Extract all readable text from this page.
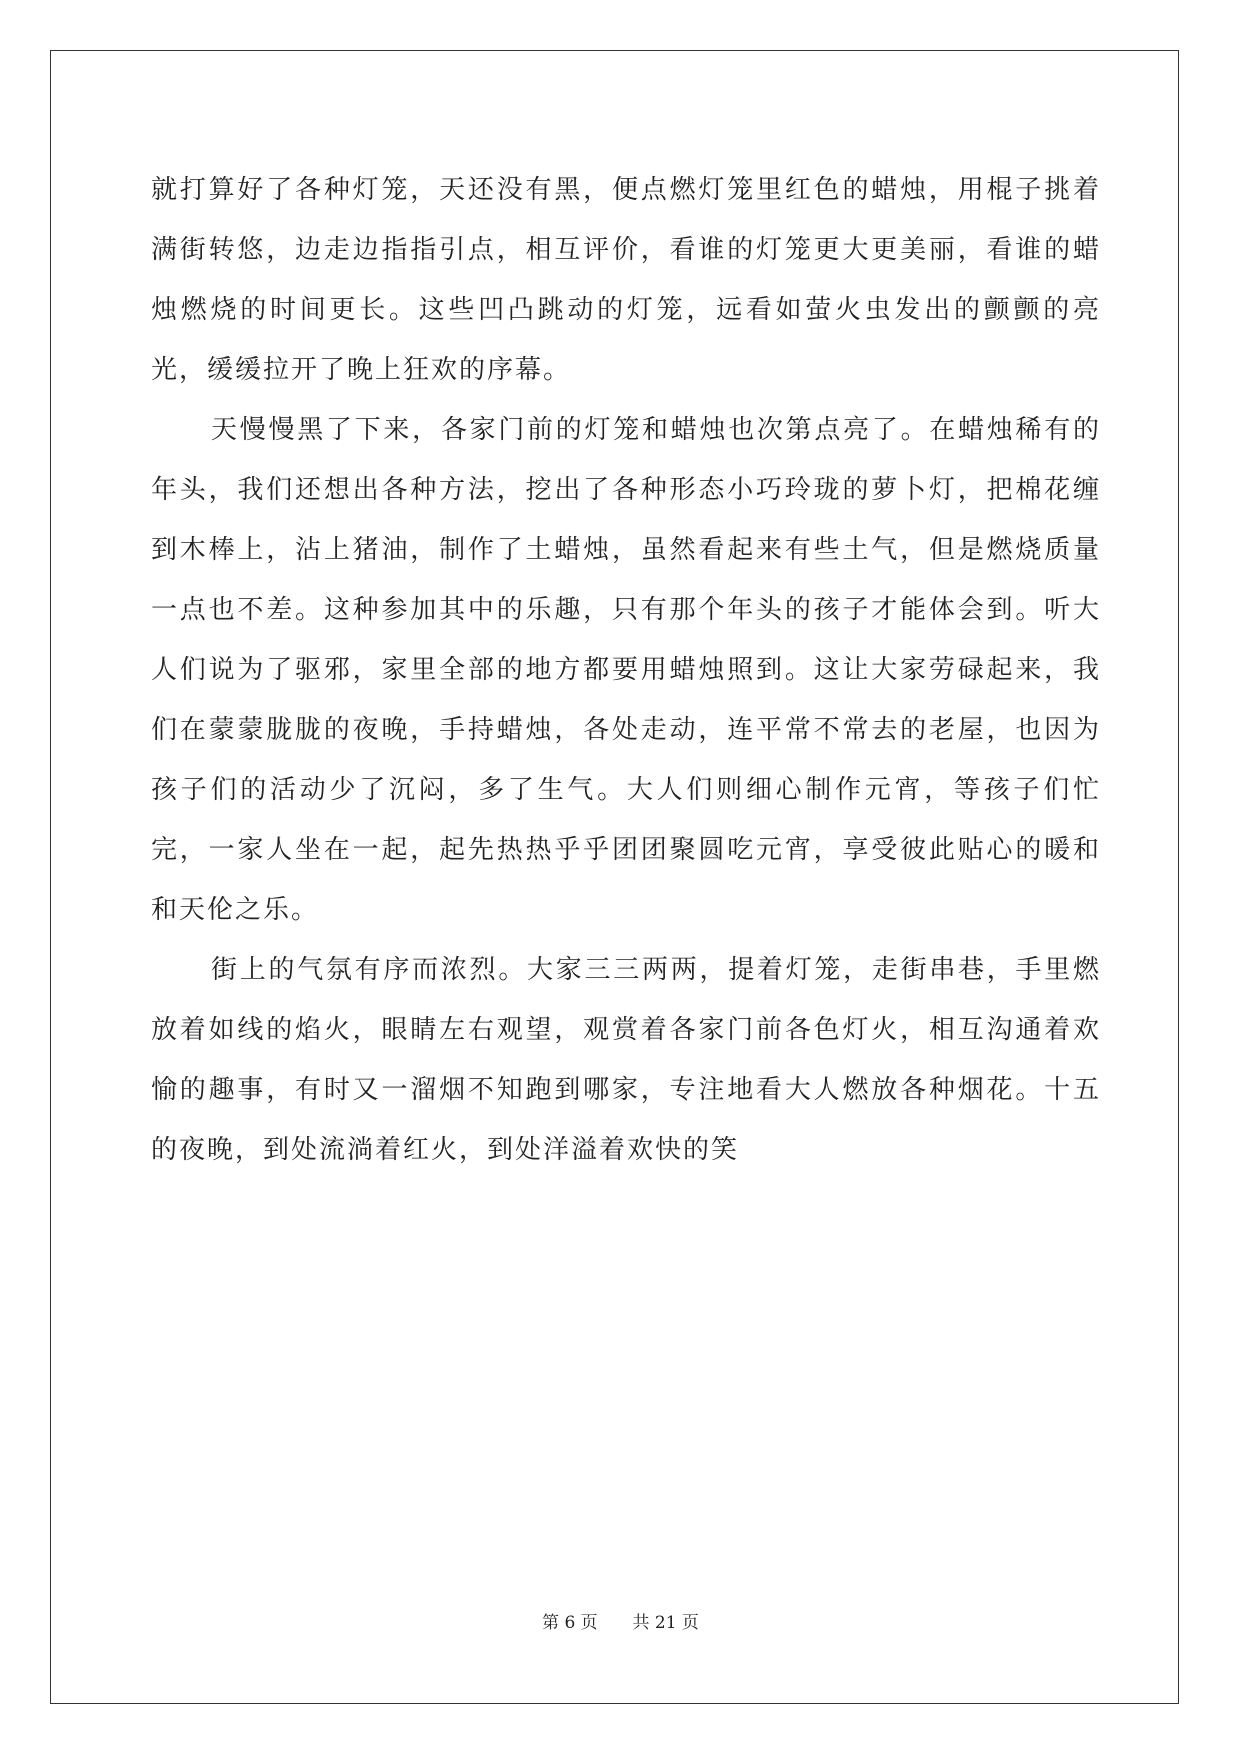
就打算好了各种灯笼，天还没有黑，便点燃灯笼里红色的蜡烛，用棍子挑着满街转悠，边走边指指引点，相互评价，看谁的灯笼更大更美丽，看谁的蜡烛燃烧的时间更长。这些凹凸跳动的灯笼，远看如萤火虫发出的颤颤的亮光，缓缓拉开了晚上狂欢的序幕。

天慢慢黑了下来，各家门前的灯笼和蜡烛也次第点亮了。在蜡烛稀有的年头，我们还想出各种方法，挖出了各种形态小巧玲珑的萝卜灯，把棉花缠到木棒上，沾上猪油，制作了土蜡烛，虽然看起来有些土气，但是燃烧质量一点也不差。这种参加其中的乐趣，只有那个年头的孩子才能体会到。听大人们说为了驱邪，家里全部的地方都要用蜡烛照到。这让大家劳碌起来，我们在蒙蒙胧胧的夜晚，手持蜡烛，各处走动，连平常不常去的老屋，也因为孩子们的活动少了沉闷，多了生气。大人们则细心制作元宵，等孩子们忙完，一家人坐在一起，起先热热乎乎团团聚圆吃元宵，享受彼此贴心的暖和和天伦之乐。

街上的气氛有序而浓烈。大家三三两两，提着灯笼，走街串巷，手里燃放着如线的焰火，眼睛左右观望，观赏着各家门前各色灯火，相互沟通着欢愉的趣事，有时又一溜烟不知跑到哪家，专注地看大人燃放各种烟花。十五的夜晚，到处流淌着红火，到处洋溢着欢快的笑

第 6 页 共 21 页
